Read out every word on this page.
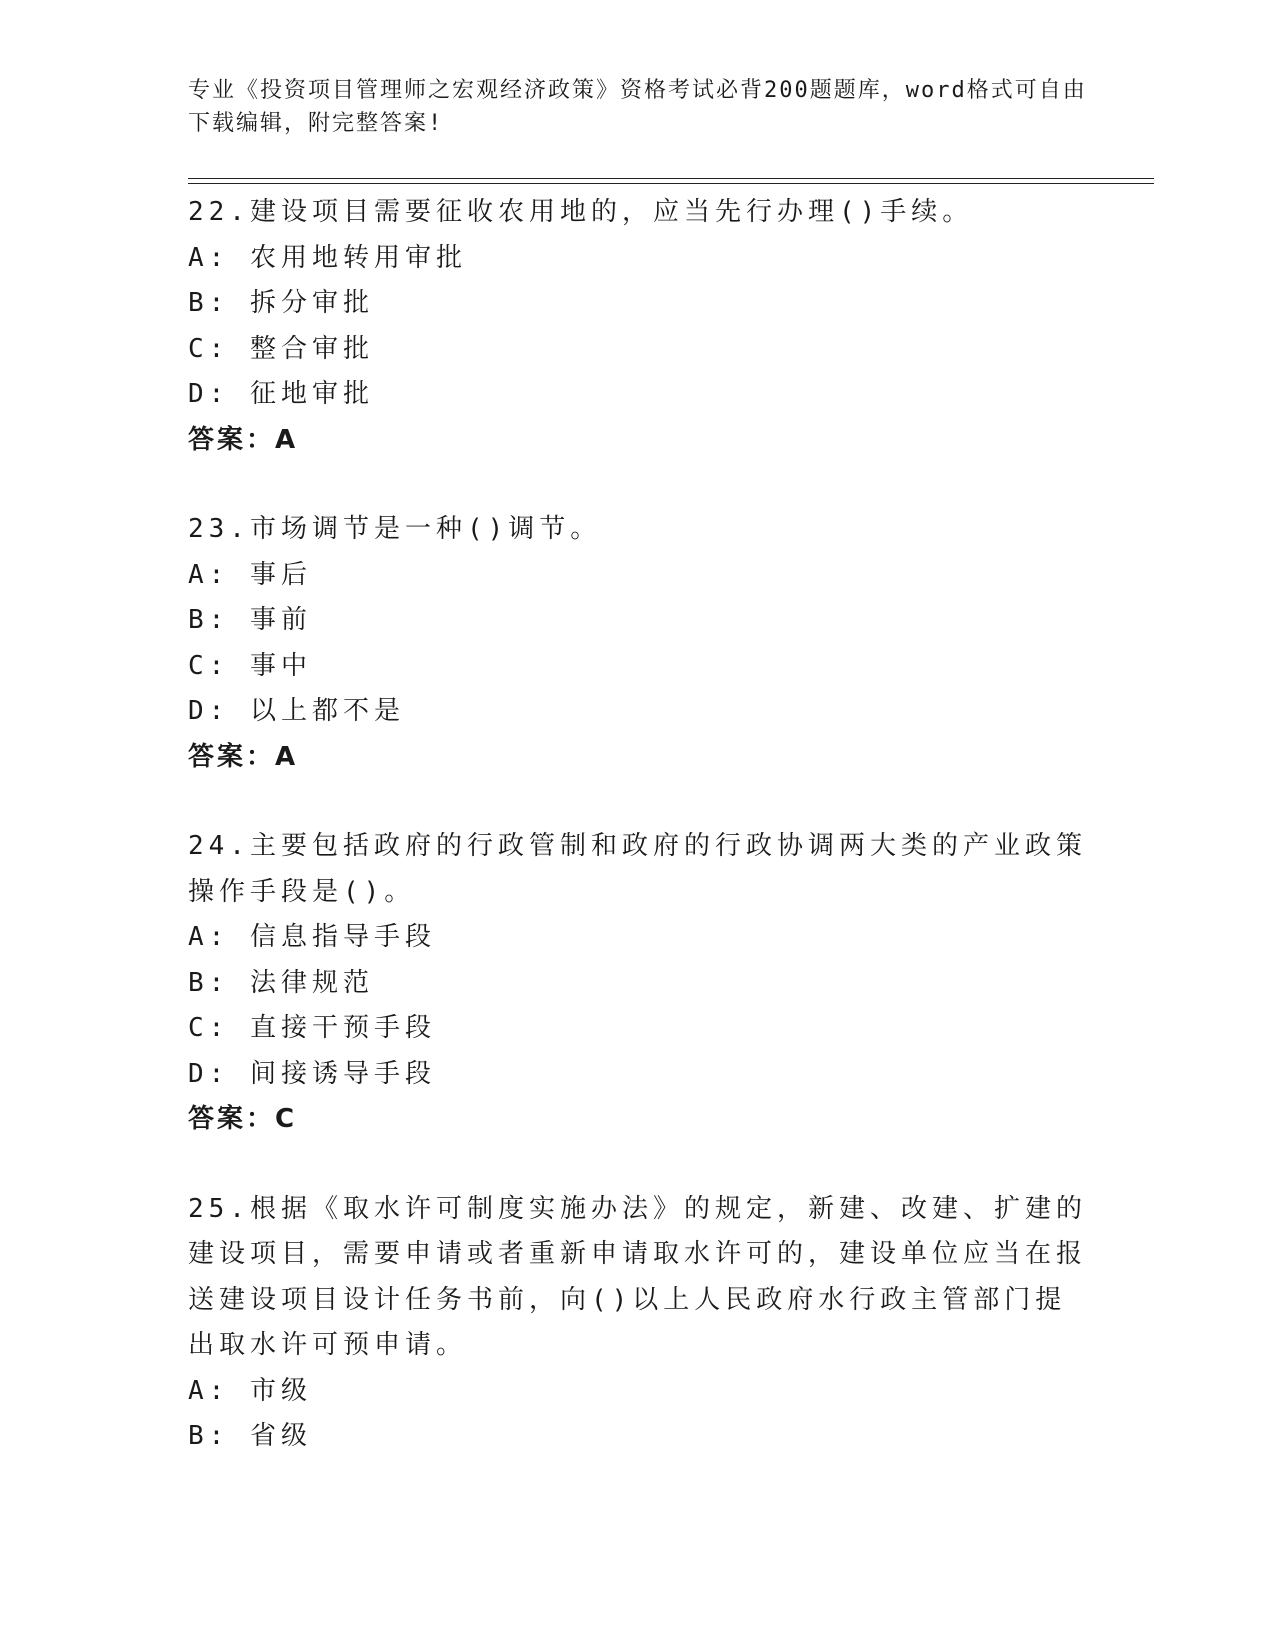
专业《投资项目管理师之宏观经济政策》资格考试必背200题题库，word格式可自由下载编辑，附完整答案!
22.建设项目需要征收农用地的，应当先行办理()手续。
A: 农用地转用审批
B: 拆分审批
C: 整合审批
D: 征地审批
答案：A
23.市场调节是一种()调节。
A: 事后
B: 事前
C: 事中
D: 以上都不是
答案：A
24.主要包括政府的行政管制和政府的行政协调两大类的产业政策操作手段是()。
A: 信息指导手段
B: 法律规范
C: 直接干预手段
D: 间接诱导手段
答案：C
25.根据《取水许可制度实施办法》的规定，新建、改建、扩建的建设项目，需要申请或者重新申请取水许可的，建设单位应当在报送建设项目设计任务书前，向()以上人民政府水行政主管部门提出取水许可预申请。
A: 市级
B: 省级
